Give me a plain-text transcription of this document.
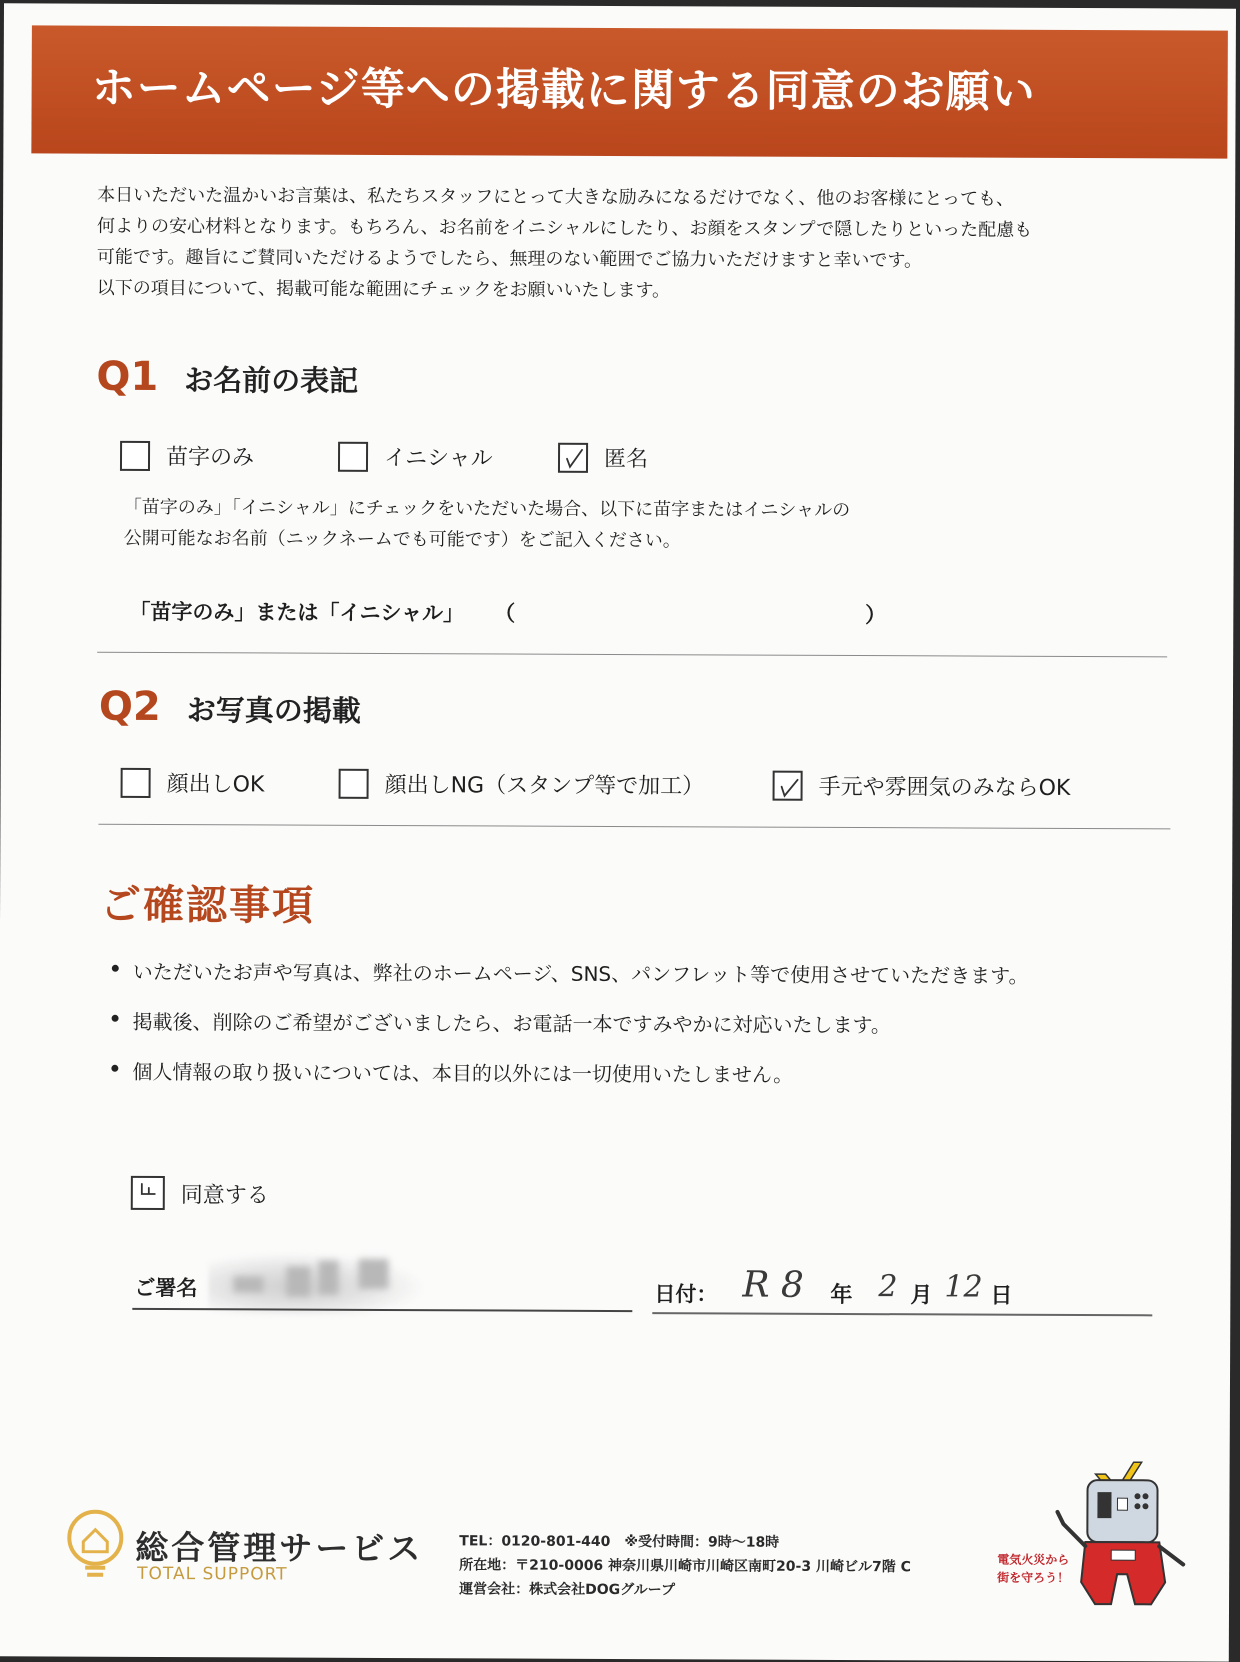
ホームページ等への掲載に関する同意のお願い

本日いただいた温かいお言葉は、私たちスタッフにとって大きな励みになるだけでなく、他のお客様にとっても、

何よりの安心材料となります。もちろん、お名前をイニシャルにしたり、お顔をスタンプで隠したりといった配慮も

可能です。趣旨にご賛同いただけるようでしたら、無理のない範囲でご協力いただけますと幸いです。

以下の項目について、掲載可能な範囲にチェックをお願いいたします。

Q1 お名前の表記
苗字のみ	イニシャル	匿名
「苗字のみ」「イニシャル」にチェックをいただいた場合、以下に苗字またはイニシャルの
公開可能なお名前（ニックネームでも可能です）をご記入ください。
「苗字のみ」または「イニシャル」 （	）
Q2 お写真の掲載
顔出しOK	顔出しNG（スタンプ等で加工）	手元や雰囲気のみならOK
ご確認事項
いただいたお声や写真は、弊社のホームページ、SNS、パンフレット等で使用させていただきます。
掲載後、削除のご希望がございましたら、お電話一本ですみやかに対応いたします。
個人情報の取り扱いについては、本目的以外には一切使用いたしません。
同意する
ご署名	日付： R 8 年 2 月 12 日
総合管理サービス
TOTAL SUPPORT
TEL：0120-801-440　※受付時間：9時〜18時
所在地：〒210-0006 神奈川県川崎市川崎区南町20-3 川崎ビル7階 C
運営会社：株式会社DOGグループ
電気火災から
街を守ろう！
